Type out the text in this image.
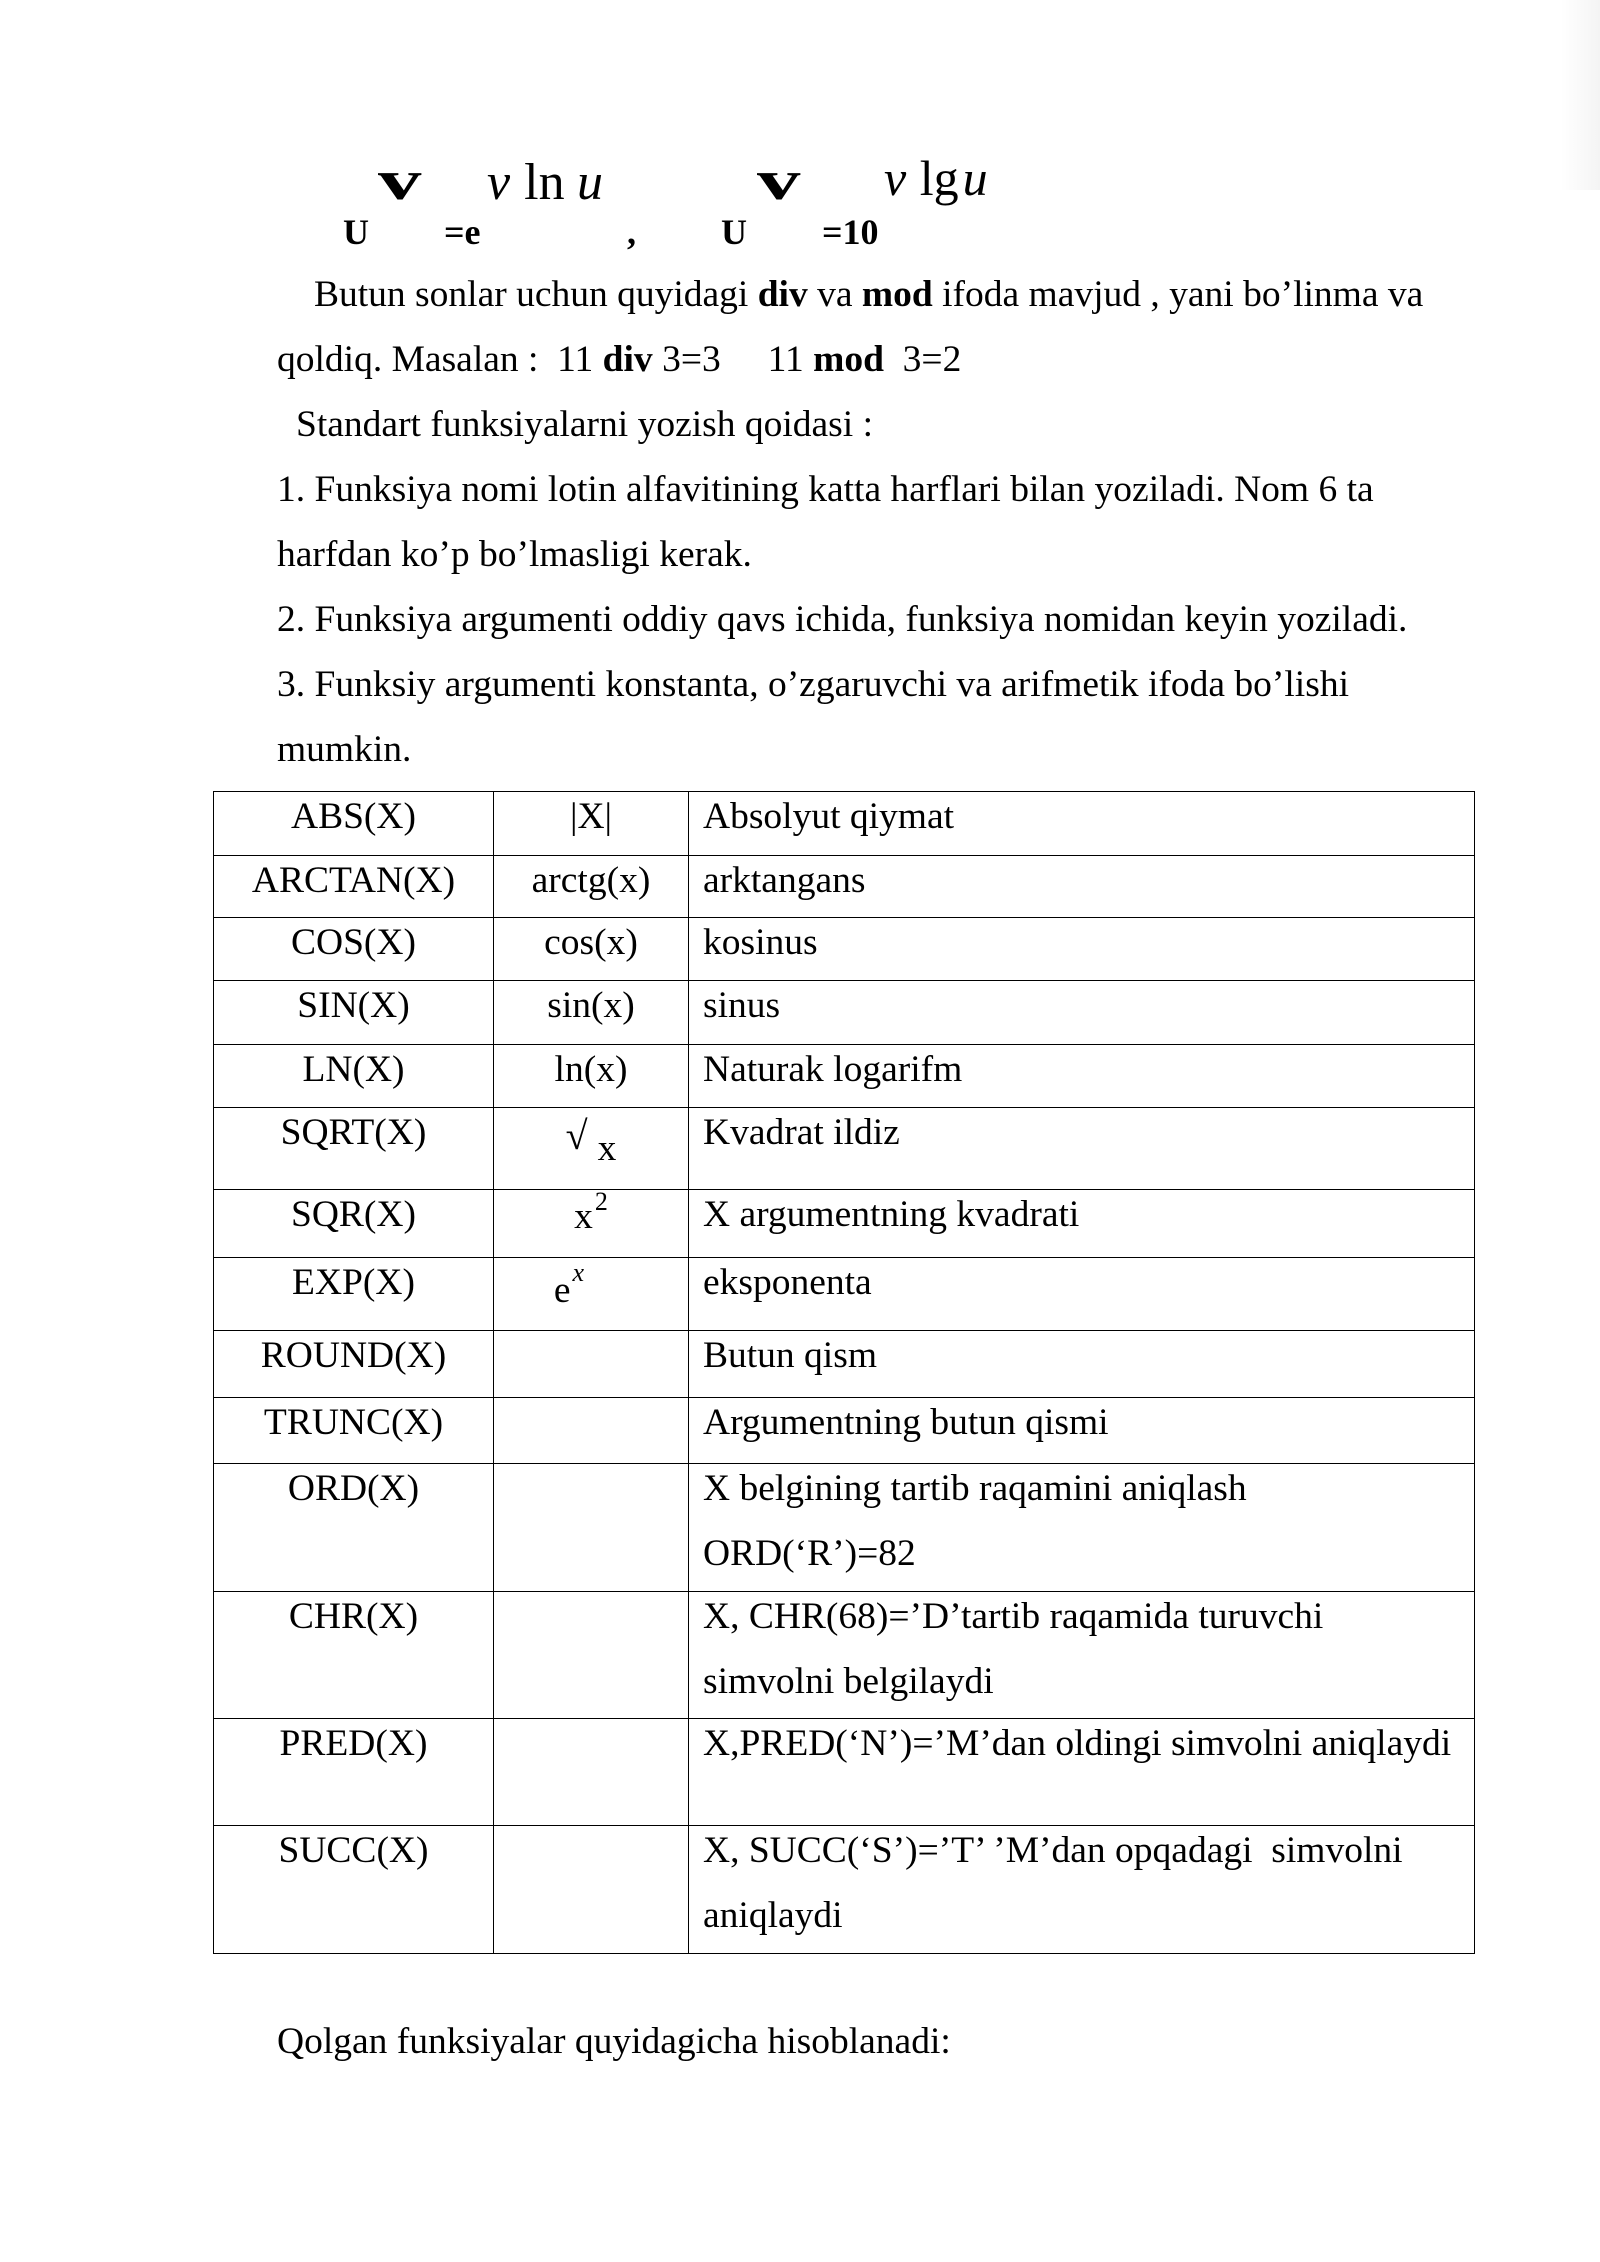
v v ln u
U =e	,
v v lgu
U =10
Butun sonlar uchun quyidagi div va mod ifoda mavjud , yani bo’linma va
qoldiq. Masalan :  11 div 3=3     11 mod  3=2
Standart funksiyalarni yozish qoidasi :
1. Funksiya nomi lotin alfavitining katta harflari bilan yoziladi. Nom 6 ta
harfdan ko’p bo’lmasligi kerak.
2. Funksiya argumenti oddiy qavs ichida, funksiya nomidan keyin yoziladi.
3. Funksiy argumenti konstanta, o’zgaruvchi va arifmetik ifoda bo’lishi
mumkin.
ABS(X)	|X|	Absolyut qiymat

ARCTAN(X)	arctg(x)	arktangans

COS(X)	cos(x)	kosinus

SIN(X)	sin(x)	sinus

LN(X)	ln(x)	Naturak logarifm

SQRT(X)	√ x	Kvadrat ildiz

SQR(X)	$x^2$	X argumentning kvadrati

EXP(X)	$e^x$	eksponenta

ROUND(X)		Butun qism

TRUNC(X)		Argumentning butun qismi

ORD(X)		X belgining tartib raqamini aniqlash
ORD(‘R’)=82

CHR(X)		X, CHR(68)=’D’tartib raqamida turuvchi
simvolni belgilaydi

PRED(X)		X,PRED(‘N’)=’M’dan oldingi simvolni aniqlaydi

SUCC(X)		X, SUCC(‘S’)=’T’ ’M’dan opqadagi  simvolni
aniqlaydi
Qolgan funksiyalar quyidagicha hisoblanadi:
